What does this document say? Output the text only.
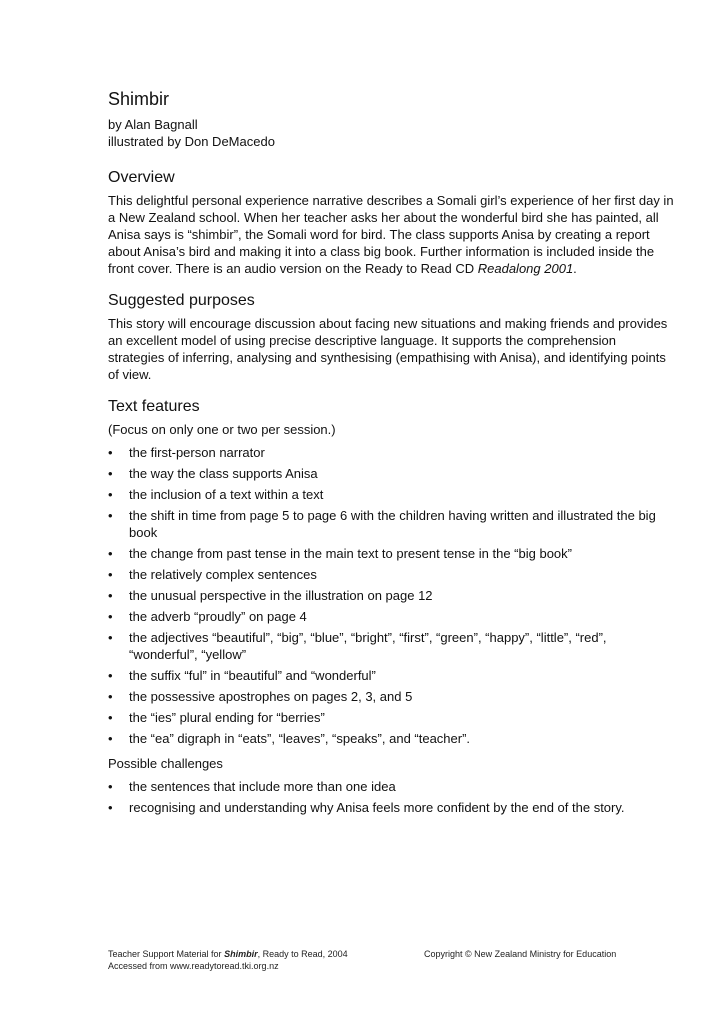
Shimbir

by Alan Bagnall

illustrated by Don DeMacedo

Overview

This delightful personal experience narrative describes a Somali girl’s experience of her first day in a New Zealand school. When her teacher asks her about the wonderful bird she has painted, all Anisa says is “shimbir”, the Somali word for bird. The class supports Anisa by creating a report about Anisa’s bird and making it into a class big book. Further information is included inside the front cover. There is an audio version on the Ready to Read CD Readalong 2001.

Suggested purposes

This story will encourage discussion about facing new situations and making friends and provides an excellent model of using precise descriptive language. It supports the comprehension strategies of inferring, analysing and synthesising (empathising with Anisa), and identifying points of view.

Text features

(Focus on only one or two per session.)

• the first-person narrator
• the way the class supports Anisa
• the inclusion of a text within a text
• the shift in time from page 5 to page 6 with the children having written and illustrated the big book
• the change from past tense in the main text to present tense in the “big book”
• the relatively complex sentences
• the unusual perspective in the illustration on page 12
• the adverb “proudly” on page 4
• the adjectives “beautiful”, “big”, “blue”, “bright”, “first”, “green”, “happy”, “little”, “red”, “wonderful”, “yellow”
• the suffix “ful” in “beautiful” and “wonderful”
• the possessive apostrophes on pages 2, 3, and 5
• the “ies” plural ending for “berries”
• the “ea” digraph in “eats”, “leaves”, “speaks”, and “teacher”.

Possible challenges

• the sentences that include more than one idea
• recognising and understanding why Anisa feels more confident by the end of the story.
Teacher Support Material for Shimbir, Ready to Read, 2004	Copyright © New Zealand Ministry for Education
Accessed from www.readytoread.tki.org.nz
